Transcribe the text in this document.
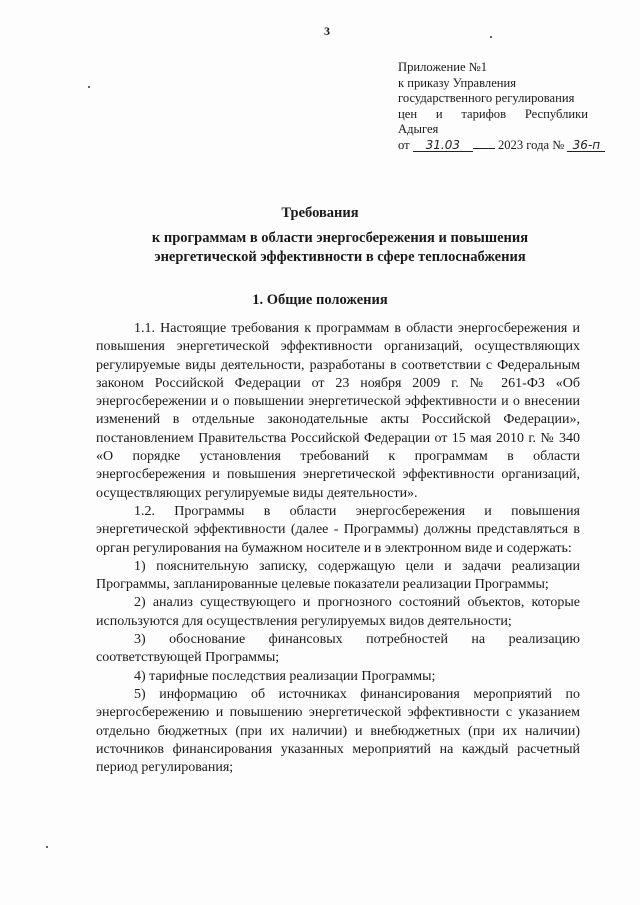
3
Приложение №1
к приказу Управления
государственного регулирования
цен и тарифов Республики
Адыгея
от 31.03	2023 года № 36-п
Требования
к программам в области энергосбережения и повышения энергетической эффективности в сфере теплоснабжения
1. Общие положения

1.1. Настоящие требования к программам в области энергосбережения и повышения энергетической эффективности организаций, осуществляющих регулируемые виды деятельности, разработаны в соответствии с Федеральным законом Российской Федерации от 23 ноября 2009 г. № 261-ФЗ «Об энергосбережении и о повышении энергетической эффективности и о внесении изменений в отдельные законодательные акты Российской Федерации», постановлением Правительства Российской Федерации от 15 мая 2010 г. № 340 «О порядке установления требований к программам в области энергосбережения и повышения энергетической эффективности организаций, осуществляющих регулируемые виды деятельности».

1.2. Программы в области энергосбережения и повышения энергетической эффективности (далее - Программы) должны представляться в орган регулирования на бумажном носителе и в электронном виде и содержать:

1) пояснительную записку, содержащую цели и задачи реализации Программы, запланированные целевые показатели реализации Программы;

2) анализ существующего и прогнозного состояний объектов, которые используются для осуществления регулируемых видов деятельности;

3) обоснование финансовых потребностей на реализацию соответствующей Программы;

4) тарифные последствия реализации Программы;

5) информацию об источниках финансирования мероприятий по энергосбережению и повышению энергетической эффективности с указанием отдельно бюджетных (при их наличии) и внебюджетных (при их наличии) источников финансирования указанных мероприятий на каждый расчетный период регулирования;
